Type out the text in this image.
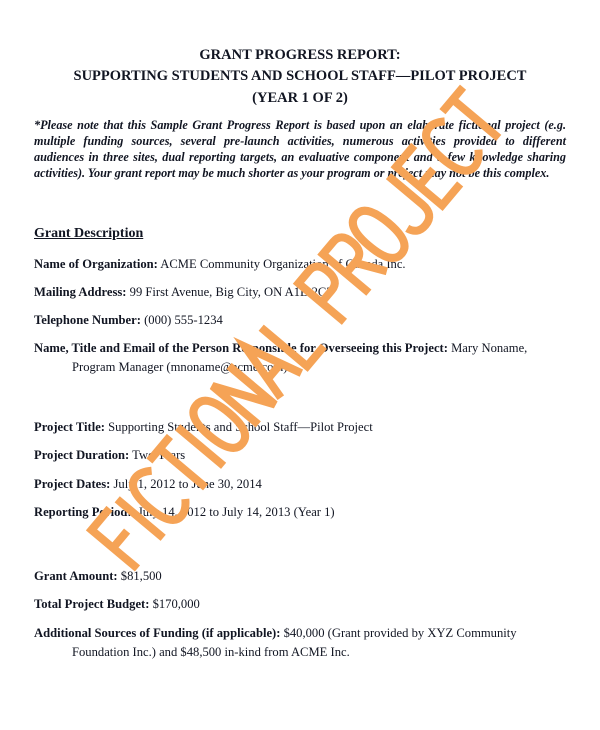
GRANT PROGRESS REPORT:
SUPPORTING STUDENTS AND SCHOOL STAFF—PILOT PROJECT
(YEAR 1 OF 2)
*Please note that this Sample Grant Progress Report is based upon an elaborate fictional project (e.g. multiple funding sources, several pre-launch activities, numerous activities provided to different audiences in three sites, dual reporting targets, an evaluative component and a few knowledge sharing activities). Your grant report may be much shorter as your program or project may not be this complex.
Grant Description
Name of Organization: ACME Community Organization of Canada Inc.
Mailing Address: 99 First Avenue, Big City, ON A1B 2C3
Telephone Number: (000) 555-1234
Name, Title and Email of the Person Responsible for Overseeing this Project: Mary Noname,
Program Manager (mnoname@acme.com)
Project Title: Supporting Students and School Staff—Pilot Project
Project Duration: Two Years
Project Dates: July 1, 2012 to June 30, 2014
Reporting Period:  July 14, 2012 to July 14, 2013 (Year 1)
Grant Amount: $81,500
Total Project Budget: $170,000
Additional Sources of Funding (if applicable): $40,000 (Grant provided by XYZ Community
Foundation Inc.) and $48,500 in-kind from ACME Inc.
